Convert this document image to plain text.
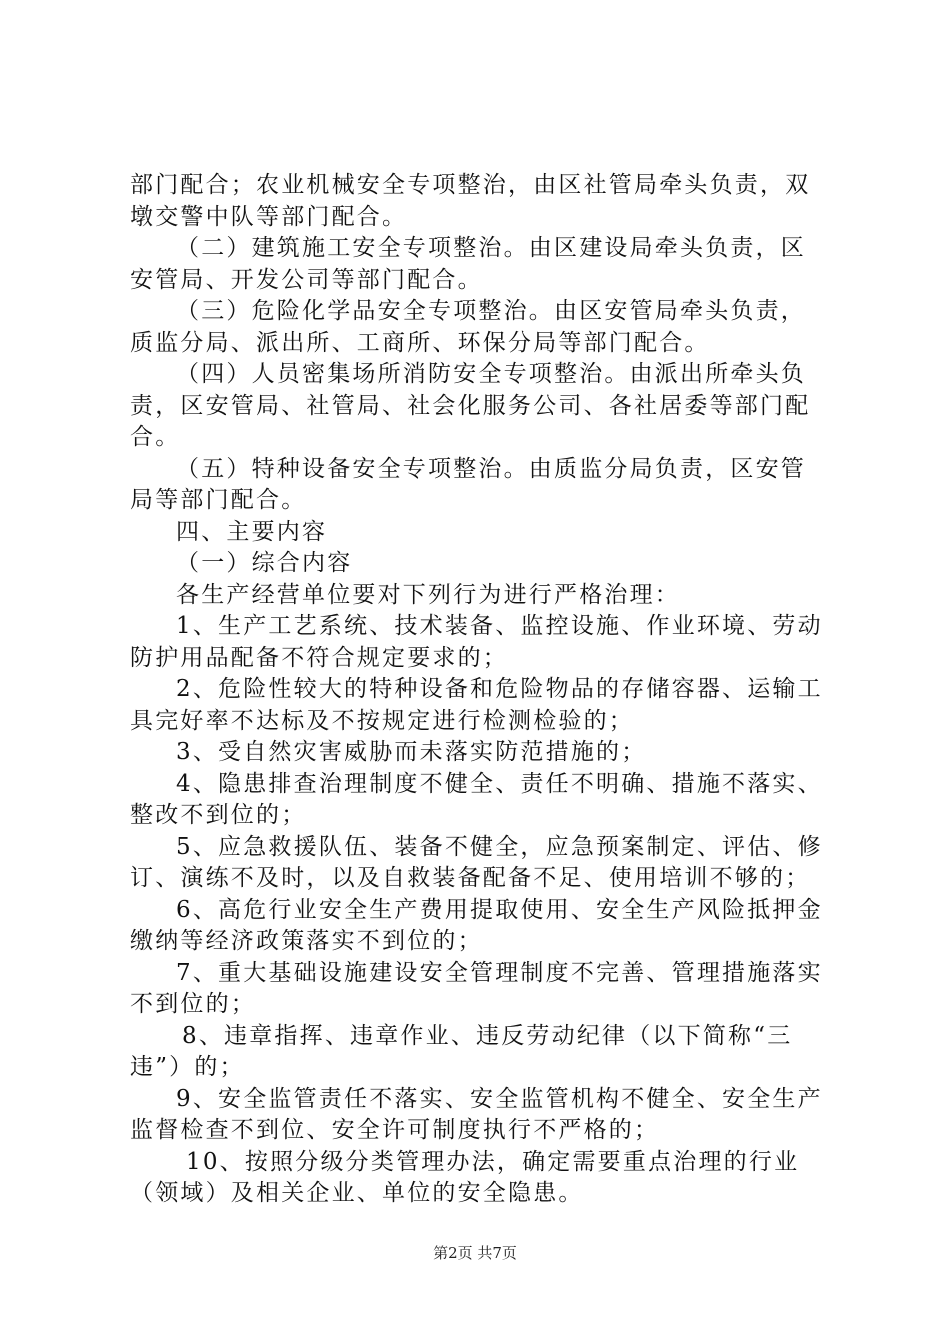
部门配合；农业机械安全专项整治，由区社管局牵头负责，双
墩交警中队等部门配合。
（二）建筑施工安全专项整治。由区建设局牵头负责，区
安管局、开发公司等部门配合。
（三）危险化学品安全专项整治。由区安管局牵头负责，
质监分局、派出所、工商所、环保分局等部门配合。
（四）人员密集场所消防安全专项整治。由派出所牵头负
责，区安管局、社管局、社会化服务公司、各社居委等部门配
合。
（五）特种设备安全专项整治。由质监分局负责，区安管
局等部门配合。
四、主要内容
（一）综合内容
各生产经营单位要对下列行为进行严格治理：
1、生产工艺系统、技术装备、监控设施、作业环境、劳动
防护用品配备不符合规定要求的；
2、危险性较大的特种设备和危险物品的存储容器、运输工
具完好率不达标及不按规定进行检测检验的；
3、受自然灾害威胁而未落实防范措施的；
4、隐患排查治理制度不健全、责任不明确、措施不落实、
整改不到位的；
5、应急救援队伍、装备不健全，应急预案制定、评估、修
订、演练不及时，以及自救装备配备不足、使用培训不够的；
6、高危行业安全生产费用提取使用、安全生产风险抵押金
缴纳等经济政策落实不到位的；
7、重大基础设施建设安全管理制度不完善、管理措施落实
不到位的；
8、违章指挥、违章作业、违反劳动纪律（以下简称“三
违”）的；
9、安全监管责任不落实、安全监管机构不健全、安全生产
监督检查不到位、安全许可制度执行不严格的；
10、按照分级分类管理办法，确定需要重点治理的行业
（领域）及相关企业、单位的安全隐患。
第2页 共7页
